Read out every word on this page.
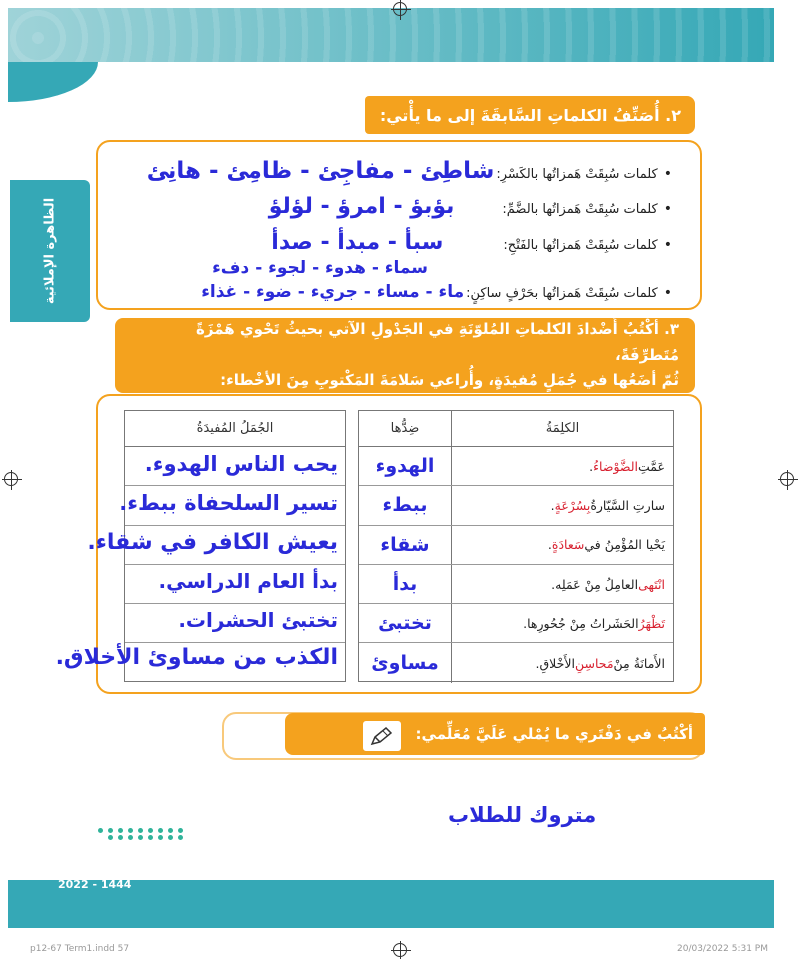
الظاهرة الإملائية
٢. أُصَنِّفُ الكلماتِ السَّابقَةَ إلى ما يأْتي:
•
كلمات سُبِقَتْ هَمزاتُها بالكَسْرِ:
شاطِئ - مفاجِئ - ظامِئ - هانِئ
•
كلمات سُبِقَتْ هَمزاتُها بالضَّمِّ:
بؤبؤ - امرؤ - لؤلؤ
•
كلمات سُبِقَتْ هَمزاتُها بالفَتْحِ:
سبأ - مبدأ - صدأ
سماء - هدوء - لجوء - دفء
•
كلمات سُبِقَتْ هَمزاتُها بحَرْفٍ ساكِنٍ:
ماء - مساء - جريء - ضوء - غذاء
٣. أكْتُبُ أَضْدادَ الكلماتِ المُلوّنَةِ في الجَدْولِ الآتي بحيثُ تَحْوي هَمْزَةً مُتَطرِّفَةً،
ثُمّ أضَعُها في جُمَلٍ مُفيدَةٍ، وأُراعي سَلامَةَ المَكْتوبِ مِنَ الأخْطاء:
الكلِمَةُ
ضِدُّها
عَمَّتِ
الضَّوْضاءُ
.
الهدوء
سارتِ السَّيّارةُ
بِسُرْعَةٍ
.
ببطء
يَحْيا المُؤْمِنُ في
سَعادَةٍ
.
شقاء
انْتَهى
العامِلُ مِنْ عَمَلِه.
بدأ
تَظْهَرُ
الحَشَراتُ مِنْ جُحُورِها.
تختبئ
الأَمانَةُ مِنْ
مَحاسِنِ
الأَخْلاقِ.
مساوئ
الجُمَلُ المُفيدَةُ
يحب الناس الهدوء.
تسير السلحفاة ببطء.
يعيش الكافر في شقاء.
بدأ العام الدراسي.
تختبئ الحشرات.
الكذب من مساوئ الأخلاق.
أكْتُبُ في دَفْتَري ما يُمْلي عَلَيَّ مُعَلِّمي:
متروك للطلاب
وزارة التعليم
Ministry of Education
2022 - 1444
p12-67 Term1.indd 57	20/03/2022 5:31 PM
